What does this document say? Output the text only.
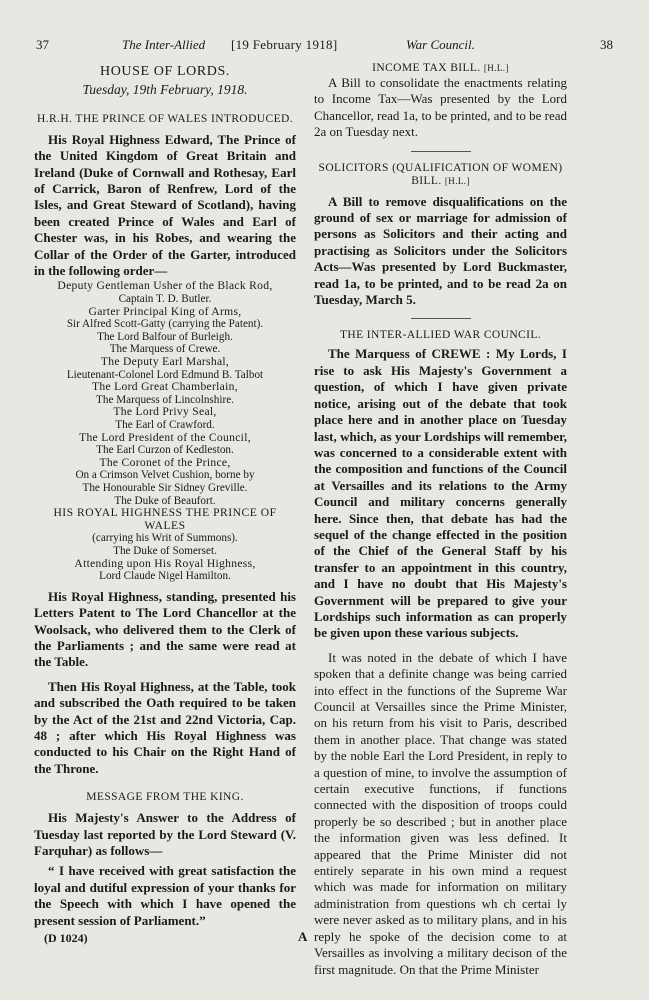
37	The Inter-Allied [19 February 1918]	War Council.	38
HOUSE OF LORDS.
Tuesday, 19th February, 1918.
H.R.H. THE PRINCE OF WALES INTRODUCED.

His Royal Highness Edward, The Prince of the United Kingdom of Great Britain and Ireland (Duke of Cornwall and Rothesay, Earl of Carrick, Baron of Renfrew, Lord of the Isles, and Great Steward of Scotland), having been created Prince of Wales and Earl of Chester was, in his Robes, and wearing the Collar of the Order of the Garter, introduced in the following order—

Deputy Gentleman Usher of the Black Rod,
Captain T. D. Butler.
Garter Principal King of Arms,
Sir Alfred Scott-Gatty (carrying the Patent).
The Lord Balfour of Burleigh.
The Marquess of Crewe.
The Deputy Earl Marshal,
Lieutenant-Colonel Lord Edmund B. Talbot
The Lord Great Chamberlain,
The Marquess of Lincolnshire.
The Lord Privy Seal,
The Earl of Crawford.
The Lord President of the Council,
The Earl Curzon of Kedleston.
The Coronet of the Prince,
On a Crimson Velvet Cushion, borne by
The Honourable Sir Sidney Greville.
The Duke of Beaufort.
HIS ROYAL HIGHNESS THE PRINCE OF WALES
(carrying his Writ of Summons).
The Duke of Somerset.
Attending upon His Royal Highness,
Lord Claude Nigel Hamilton.

His Royal Highness, standing, presented his Letters Patent to The Lord Chancellor at the Woolsack, who delivered them to the Clerk of the Parliaments ; and the same were read at the Table.

Then His Royal Highness, at the Table, took and subscribed the Oath required to be taken by the Act of the 21st and 22nd Victoria, Cap. 48 ; after which His Royal Highness was conducted to his Chair on the Right Hand of the Throne.

MESSAGE FROM THE KING.

His Majesty's Answer to the Address of Tuesday last reported by the Lord Steward (V. Farquhar) as follows—

“ I have received with great satisfaction the loyal and dutiful expression of your thanks for the Speech with which I have opened the present session of Parliament.”

INCOME TAX BILL. [H.L.]

A Bill to consolidate the enactments relating to Income Tax—Was presented by the Lord Chancellor, read 1a, to be printed, and to be read 2a on Tuesday next.

SOLICITORS (QUALIFICATION OF WOMEN) BILL. [H.L.]

A Bill to remove disqualifications on the ground of sex or marriage for admission of persons as Solicitors and their acting and practising as Solicitors under the Solicitors Acts—Was presented by Lord Buckmaster, read 1a, to be printed, and to be read 2a on Tuesday, March 5.

THE INTER-ALLIED WAR COUNCIL.

The Marquess of CREWE : My Lords, I rise to ask His Majesty's Government a question, of which I have given private notice, arising out of the debate that took place here and in another place on Tuesday last, which, as your Lordships will remember, was concerned to a considerable extent with the composition and functions of the Council at Versailles and its relations to the Army Council and military concerns generally here. Since then, that debate has had the sequel of the change effected in the position of the Chief of the General Staff by his transfer to an appointment in this country, and I have no doubt that His Majesty's Government will be prepared to give your Lordships such information as can properly be given upon these various subjects.

It was noted in the debate of which I have spoken that a definite change was being carried into effect in the functions of the Supreme War Council at Versailles since the Prime Minister, on his return from his visit to Paris, described them in another place. That change was stated by the noble Earl the Lord President, in reply to a question of mine, to involve the assumption of certain executive functions, if functions connected with the disposition of troops could properly be so described ; but in another place the information given was less defined. It appeared that the Prime Minister did not entirely separate in his own mind a request which was made for information on military administration from questions wh ch certai ly were never asked as to military plans, and in his reply he spoke of the decision come to at Versailles as involving a military decison of the first magnitude. On that the Prime Minister

(D 1024)	A
